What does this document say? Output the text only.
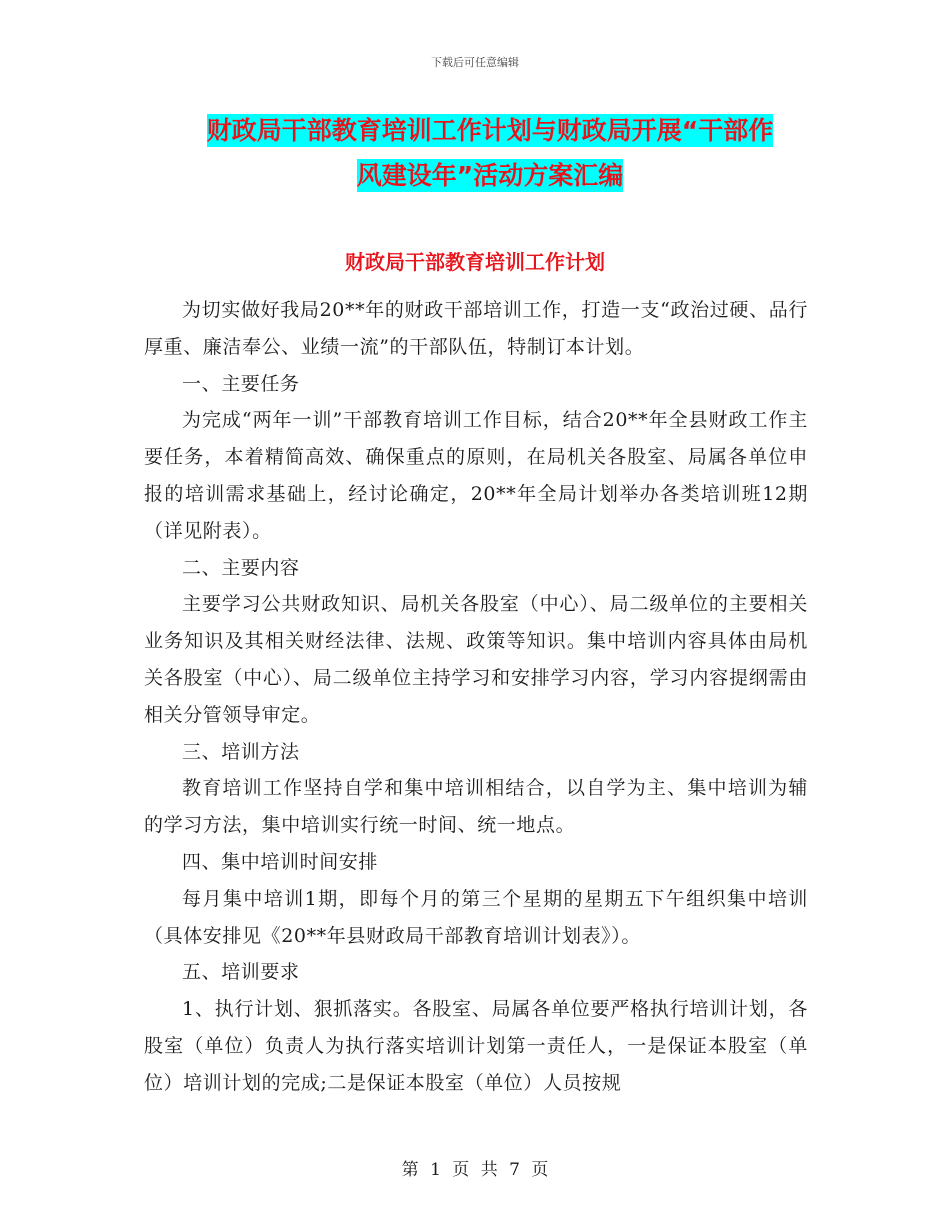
下载后可任意编辑
财政局干部教育培训工作计划与财政局开展“干部作
风建设年”活动方案汇编
财政局干部教育培训工作计划

为切实做好我局20**年的财政干部培训工作，打造一支“政治过硬、品行厚重、廉洁奉公、业绩一流”的干部队伍，特制订本计划。

一、主要任务

为完成“两年一训”干部教育培训工作目标，结合20**年全县财政工作主要任务，本着精简高效、确保重点的原则，在局机关各股室、局属各单位申报的培训需求基础上，经讨论确定，20**年全局计划举办各类培训班12期（详见附表）。

二、主要内容

主要学习公共财政知识、局机关各股室（中心）、局二级单位的主要相关业务知识及其相关财经法律、法规、政策等知识。集中培训内容具体由局机关各股室（中心）、局二级单位主持学习和安排学习内容，学习内容提纲需由相关分管领导审定。

三、培训方法

教育培训工作坚持自学和集中培训相结合，以自学为主、集中培训为辅的学习方法，集中培训实行统一时间、统一地点。

四、集中培训时间安排

每月集中培训1期，即每个月的第三个星期的星期五下午组织集中培训（具体安排见《20**年县财政局干部教育培训计划表》）。

五、培训要求

1、执行计划、狠抓落实。各股室、局属各单位要严格执行培训计划，各股室（单位）负责人为执行落实培训计划第一责任人，一是保证本股室（单位）培训计划的完成;二是保证本股室（单位）人员按规

第 1 页 共 7 页
